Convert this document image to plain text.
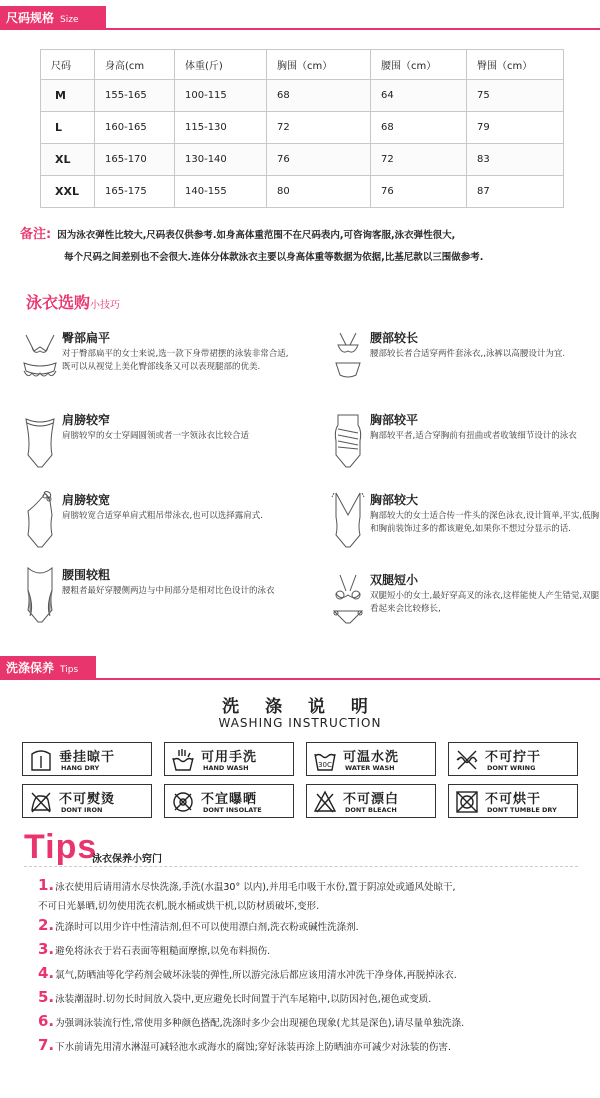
尺码规格 Size
尺码	身高(cm	体重(斤)	胸围（cm）	腰围（cm）	臀围（cm）
M	155-165	100-115	68	64	75
L	160-165	115-130	72	68	79
XL	165-170	130-140	76	72	83
XXL	165-175	140-155	80	76	87
备注: 因为泳衣弹性比较大,尺码表仅供参考.如身高体重范围不在尺码表内,可咨询客服,泳衣弹性很大,
每个尺码之间差别也不会很大.连体分体款泳衣主要以身高体重等数据为依据,比基尼款以三围做参考.
泳衣选购小技巧
臀部扁平
对于臀部扁平的女士来说,选一款下身带裙摆的泳装非常合适,既可以从视觉上美化臀部线条又可以表现腿部的优美.
腰部较长
腰部较长者合适穿两件套泳衣,,泳裤以高腰设计为宜.
肩膀较窄
肩膀较窄的女士穿阔圆领或者一字领泳衣比较合适
胸部较平
胸部较平者,适合穿胸前有扭曲或者收皱细节设计的泳衣
肩膀较宽
肩膀较宽合适穿单肩式粗吊带泳衣,也可以选择露肩式.
胸部较大
胸部较大的女士适合传一件头的深色泳衣,设计简单,平实,低胸和胸前装饰过多的都该避免,如果你不想过分显示的话.
腰围较粗
腰粗者最好穿腰侧两边与中间部分是相对比色设计的泳衣
双腿短小
双腿短小的女士,最好穿高叉的泳衣,这样能使人产生错觉,双腿看起来会比较修长,
洗涤保养 Tips
洗 涤 说 明
WASHING INSTRUCTION
垂挂晾干
HANG DRY
可用手洗
HAND WASH	30C 可温水洗
WATER WASH
不可拧干
DONT WRING
不可熨烫
DONT IRON
不宜曝晒
DONT INSOLATE
不可漂白
DONT BLEACH
不可烘干
DONT TUMBLE DRY
Tips
泳衣保养小窍门
1.泳衣使用后请用清水尽快洗涤,手洗(水温30° 以内),并用毛巾吸干水份,置于阴凉处或通风处晾干,
不可日光暴晒,切勿使用洗衣机,脱水桶或烘干机,以防材质破坏,变形.
2.洗涤时可以用少许中性清洁剂,但不可以使用漂白剂,洗衣粉或碱性洗涤剂.
3.避免将泳衣于岩石表面等粗糙面摩擦,以免布料损伤.
4.氯气,防晒油等化学药剂会破坏泳装的弹性,所以游完泳后都应该用清水冲洗干净身体,再脱掉泳衣.
5.泳装潮湿时.切勿长时间放入袋中,更应避免长时间置于汽车尾箱中,以防因衬色,褪色或变质.
6.为强调泳装流行性,常使用多种颜色搭配,洗涤时多少会出现褪色现象(尤其是深色),请尽量单独洗涤.
7.下水前请先用清水淋湿可减轻池水或海水的腐蚀;穿好泳装再涂上防晒油亦可减少对泳装的伤害.
